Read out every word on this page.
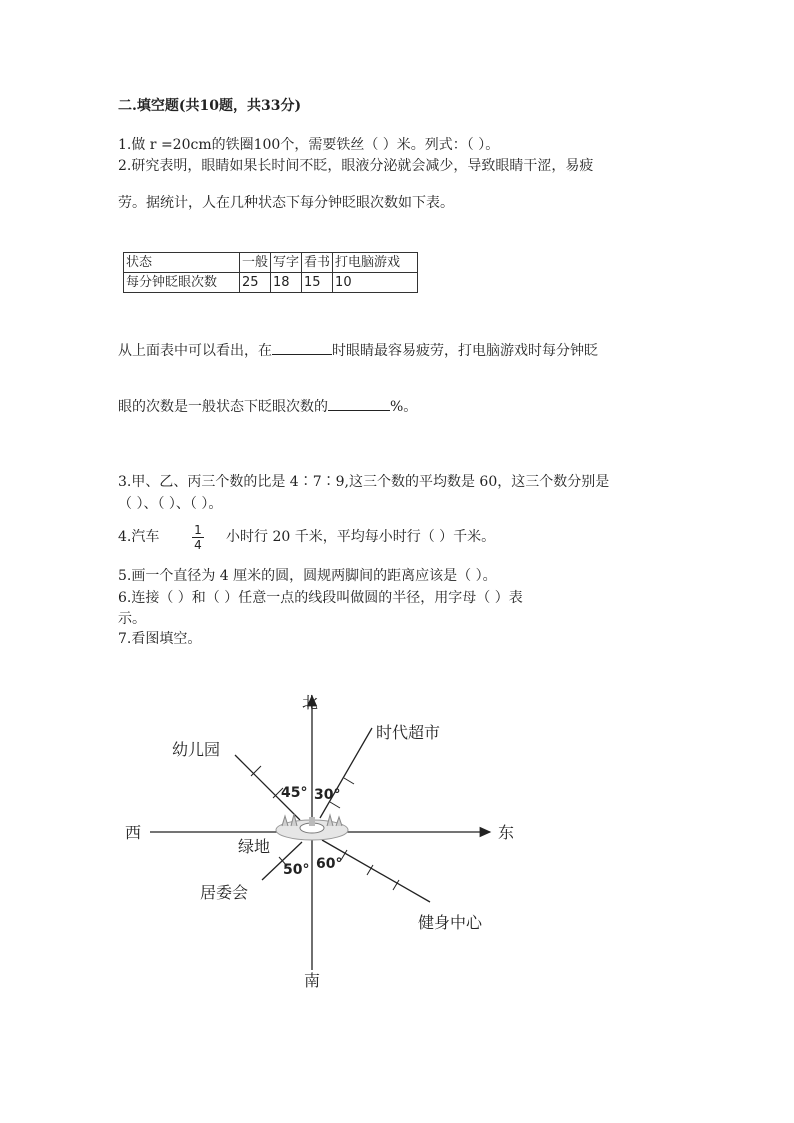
二.填空题(共10题，共33分)
1.做 r =20cm的铁圈100个，需要铁丝（ ）米。列式：（ ）。
2.研究表明，眼睛如果长时间不眨，眼液分泌就会减少，导致眼睛干涩，易疲
劳。据统计，人在几种状态下每分钟眨眼次数如下表。
状态	一般	写字	看书	打电脑游戏
每分钟眨眼次数	25	18	15	10
从上面表中可以看出，在	时眼睛最容易疲劳，打电脑游戏时每分钟眨
眼的次数是一般状态下眨眼次数的	%。
3.甲、乙、丙三个数的比是 4∶7∶9,这三个数的平均数是 60，这三个数分别是
（ ）、（ ）、（ ）。
4.汽车	$\frac{1}{4}$ 小时行 20 千米，平均每小时行（ ）千米。
5.画一个直径为 4 厘米的圆，圆规两脚间的距离应该是（ ）。
6.连接（ ）和（ ）任意一点的线段叫做圆的半径，用字母（ ）表
示。
7.看图填空。
北
南
东
西
绿地
幼儿园
时代超市
居委会
健身中心
45° 30°
50° 60°
